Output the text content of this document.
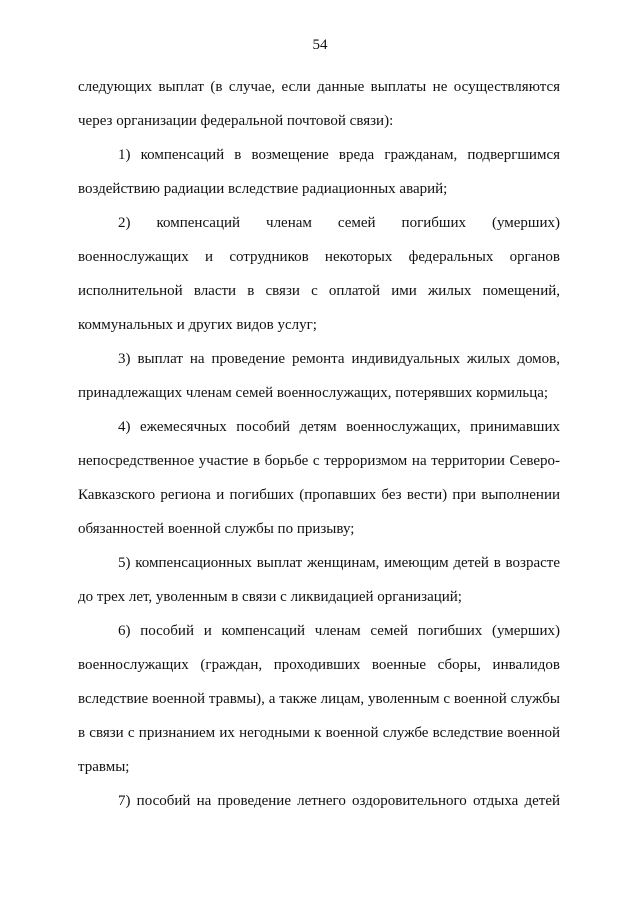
54

следующих выплат (в случае, если данные выплаты не осуществляются через организации федеральной почтовой связи):

1) компенсаций в возмещение вреда гражданам, подвергшимся воздействию радиации вследствие радиационных аварий;

2) компенсаций членам семей погибших (умерших) военнослужащих и сотрудников некоторых федеральных органов исполнительной власти в связи с оплатой ими жилых помещений, коммунальных и других видов услуг;

3) выплат на проведение ремонта индивидуальных жилых домов, принадлежащих членам семей военнослужащих, потерявших кормильца;

4) ежемесячных пособий детям военнослужащих, принимавших непосредственное участие в борьбе с терроризмом на территории Северо-Кавказского региона и погибших (пропавших без вести) при выполнении обязанностей военной службы по призыву;

5) компенсационных выплат женщинам, имеющим детей в возрасте до трех лет, уволенным в связи с ликвидацией организаций;

6) пособий и компенсаций членам семей погибших (умерших) военнослужащих (граждан, проходивших военные сборы, инвалидов вследствие военной травмы), а также лицам, уволенным с военной службы в связи с признанием их негодными к военной службе вследствие военной травмы;

7) пособий на проведение летнего оздоровительного отдыха детей
